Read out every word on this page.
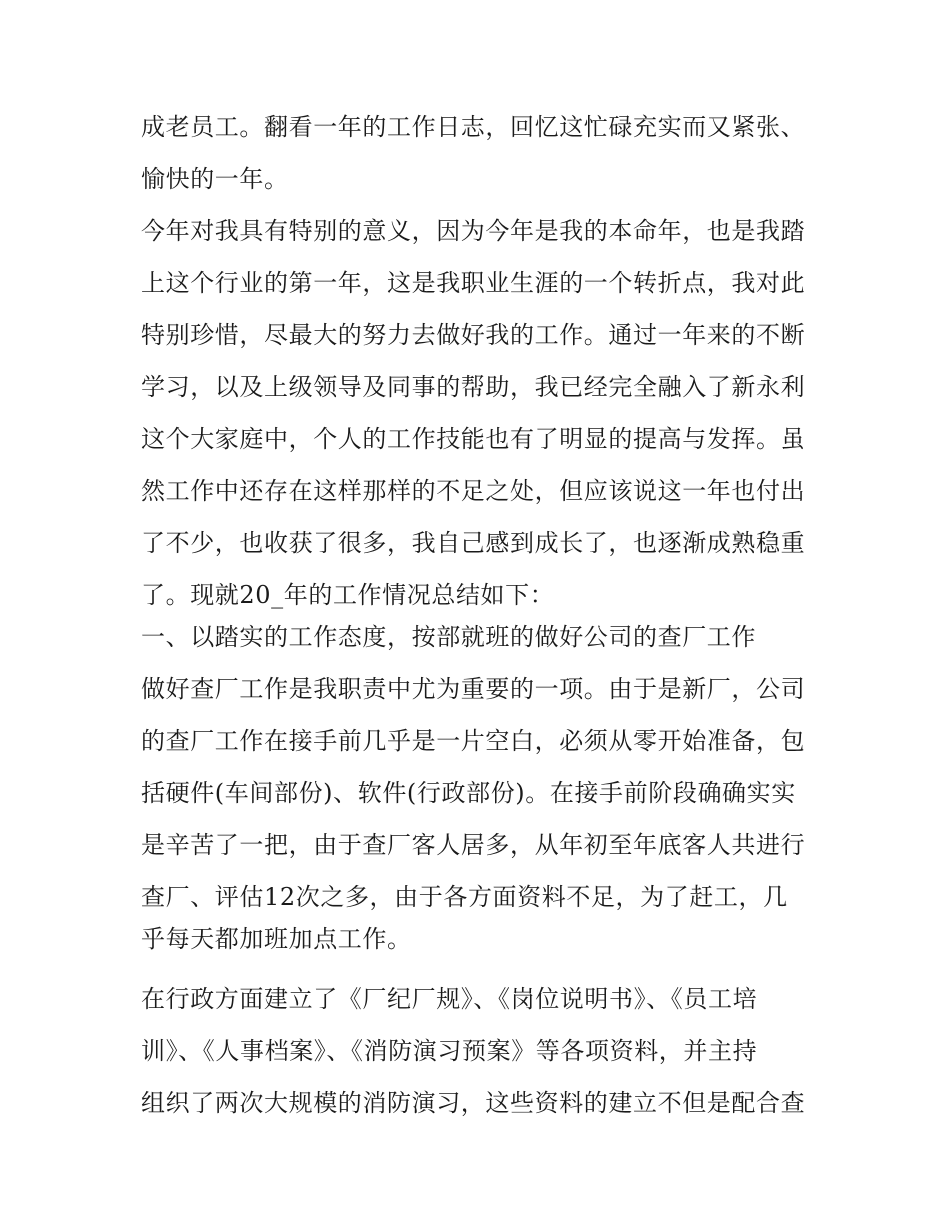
成老员工。翻看一年的工作日志，回忆这忙碌充实而又紧张、
愉快的一年。
今年对我具有特别的意义，因为今年是我的本命年，也是我踏
上这个行业的第一年，这是我职业生涯的一个转折点，我对此
特别珍惜，尽最大的努力去做好我的工作。通过一年来的不断
学习，以及上级领导及同事的帮助，我已经完全融入了新永利
这个大家庭中，个人的工作技能也有了明显的提高与发挥。虽
然工作中还存在这样那样的不足之处，但应该说这一年也付出
了不少，也收获了很多，我自己感到成长了，也逐渐成熟稳重
了。现就20_年的工作情况总结如下：
一、以踏实的工作态度，按部就班的做好公司的查厂工作
做好查厂工作是我职责中尤为重要的一项。由于是新厂，公司
的查厂工作在接手前几乎是一片空白，必须从零开始准备，包
括硬件(车间部份)、软件(行政部份)。在接手前阶段确确实实
是辛苦了一把，由于查厂客人居多，从年初至年底客人共进行
查厂、评估12次之多，由于各方面资料不足，为了赶工，几
乎每天都加班加点工作。
在行政方面建立了《厂纪厂规》、《岗位说明书》、《员工培
训》、《人事档案》、《消防演习预案》等各项资料，并主持
组织了两次大规模的消防演习，这些资料的建立不但是配合查
